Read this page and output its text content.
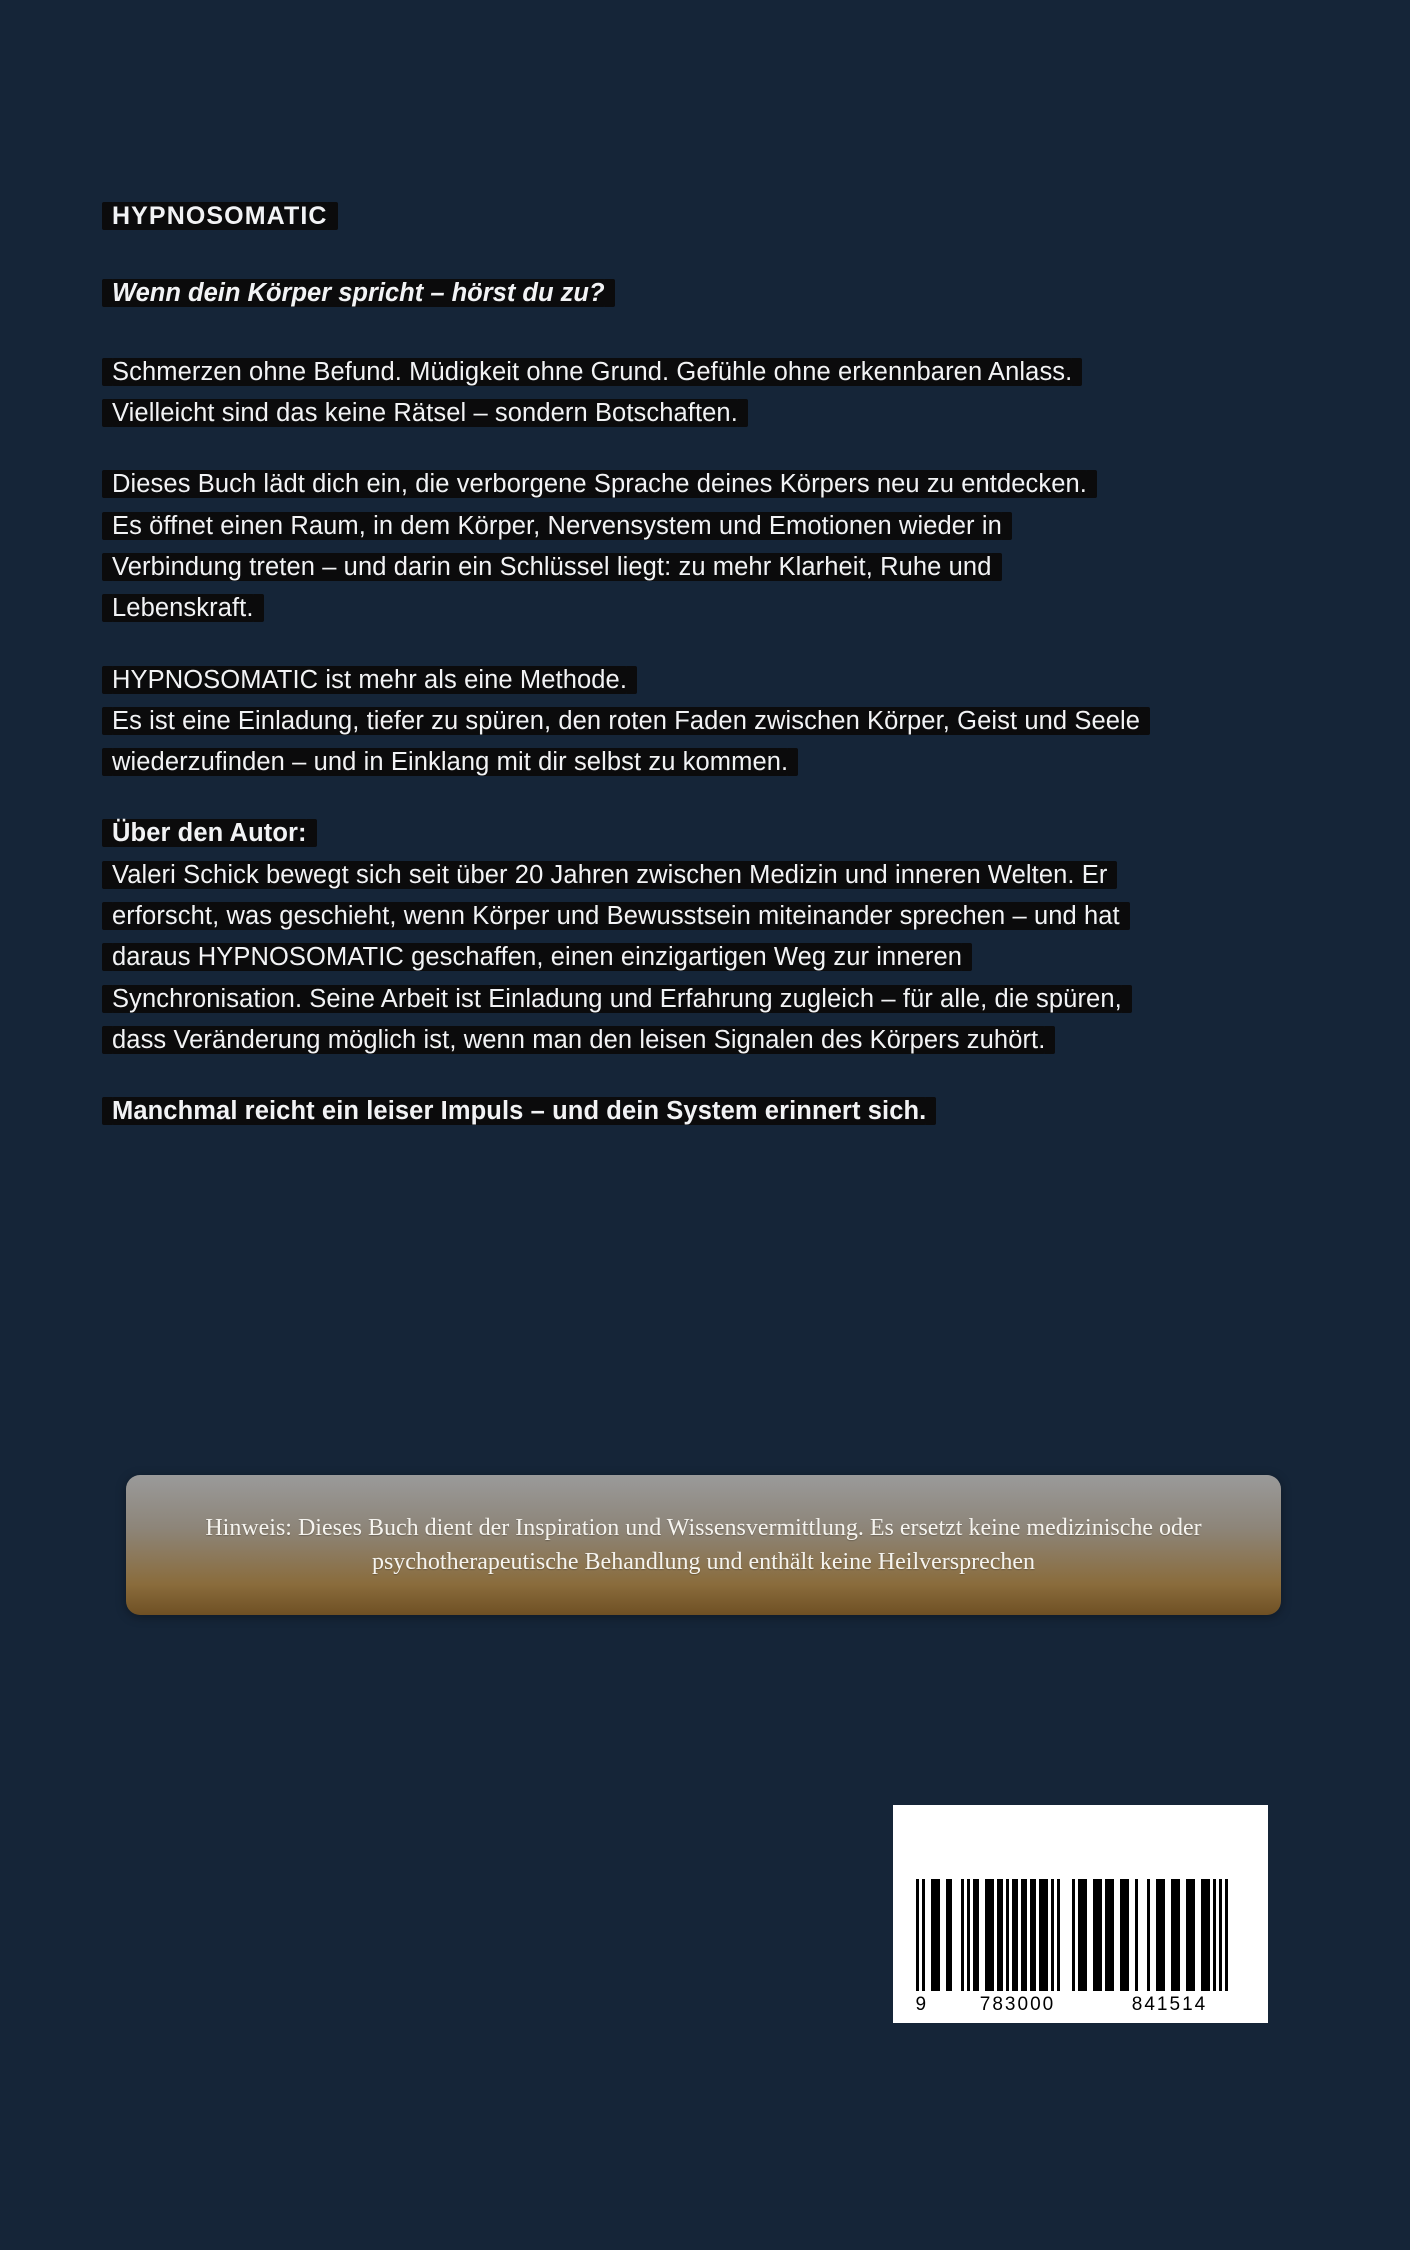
HYPNOSOMATIC
Wenn dein Körper spricht – hörst du zu?
Schmerzen ohne Befund. Müdigkeit ohne Grund. Gefühle ohne erkennbaren Anlass.
Vielleicht sind das keine Rätsel – sondern Botschaften.
Dieses Buch lädt dich ein, die verborgene Sprache deines Körpers neu zu entdecken.
Es öffnet einen Raum, in dem Körper, Nervensystem und Emotionen wieder in
Verbindung treten – und darin ein Schlüssel liegt: zu mehr Klarheit, Ruhe und
Lebenskraft.
HYPNOSOMATIC ist mehr als eine Methode.
Es ist eine Einladung, tiefer zu spüren, den roten Faden zwischen Körper, Geist und Seele
wiederzufinden – und in Einklang mit dir selbst zu kommen.
Über den Autor:
Valeri Schick bewegt sich seit über 20 Jahren zwischen Medizin und inneren Welten. Er
erforscht, was geschieht, wenn Körper und Bewusstsein miteinander sprechen – und hat
daraus HYPNOSOMATIC geschaffen, einen einzigartigen Weg zur inneren
Synchronisation. Seine Arbeit ist Einladung und Erfahrung zugleich – für alle, die spüren,
dass Veränderung möglich ist, wenn man den leisen Signalen des Körpers zuhört.
Manchmal reicht ein leiser Impuls – und dein System erinnert sich.

Hinweis: Dieses Buch dient der Inspiration und Wissensvermittlung. Es ersetzt keine medizinische oder psychotherapeutische Behandlung und enthält keine Heilversprechen

9	783000	841514
